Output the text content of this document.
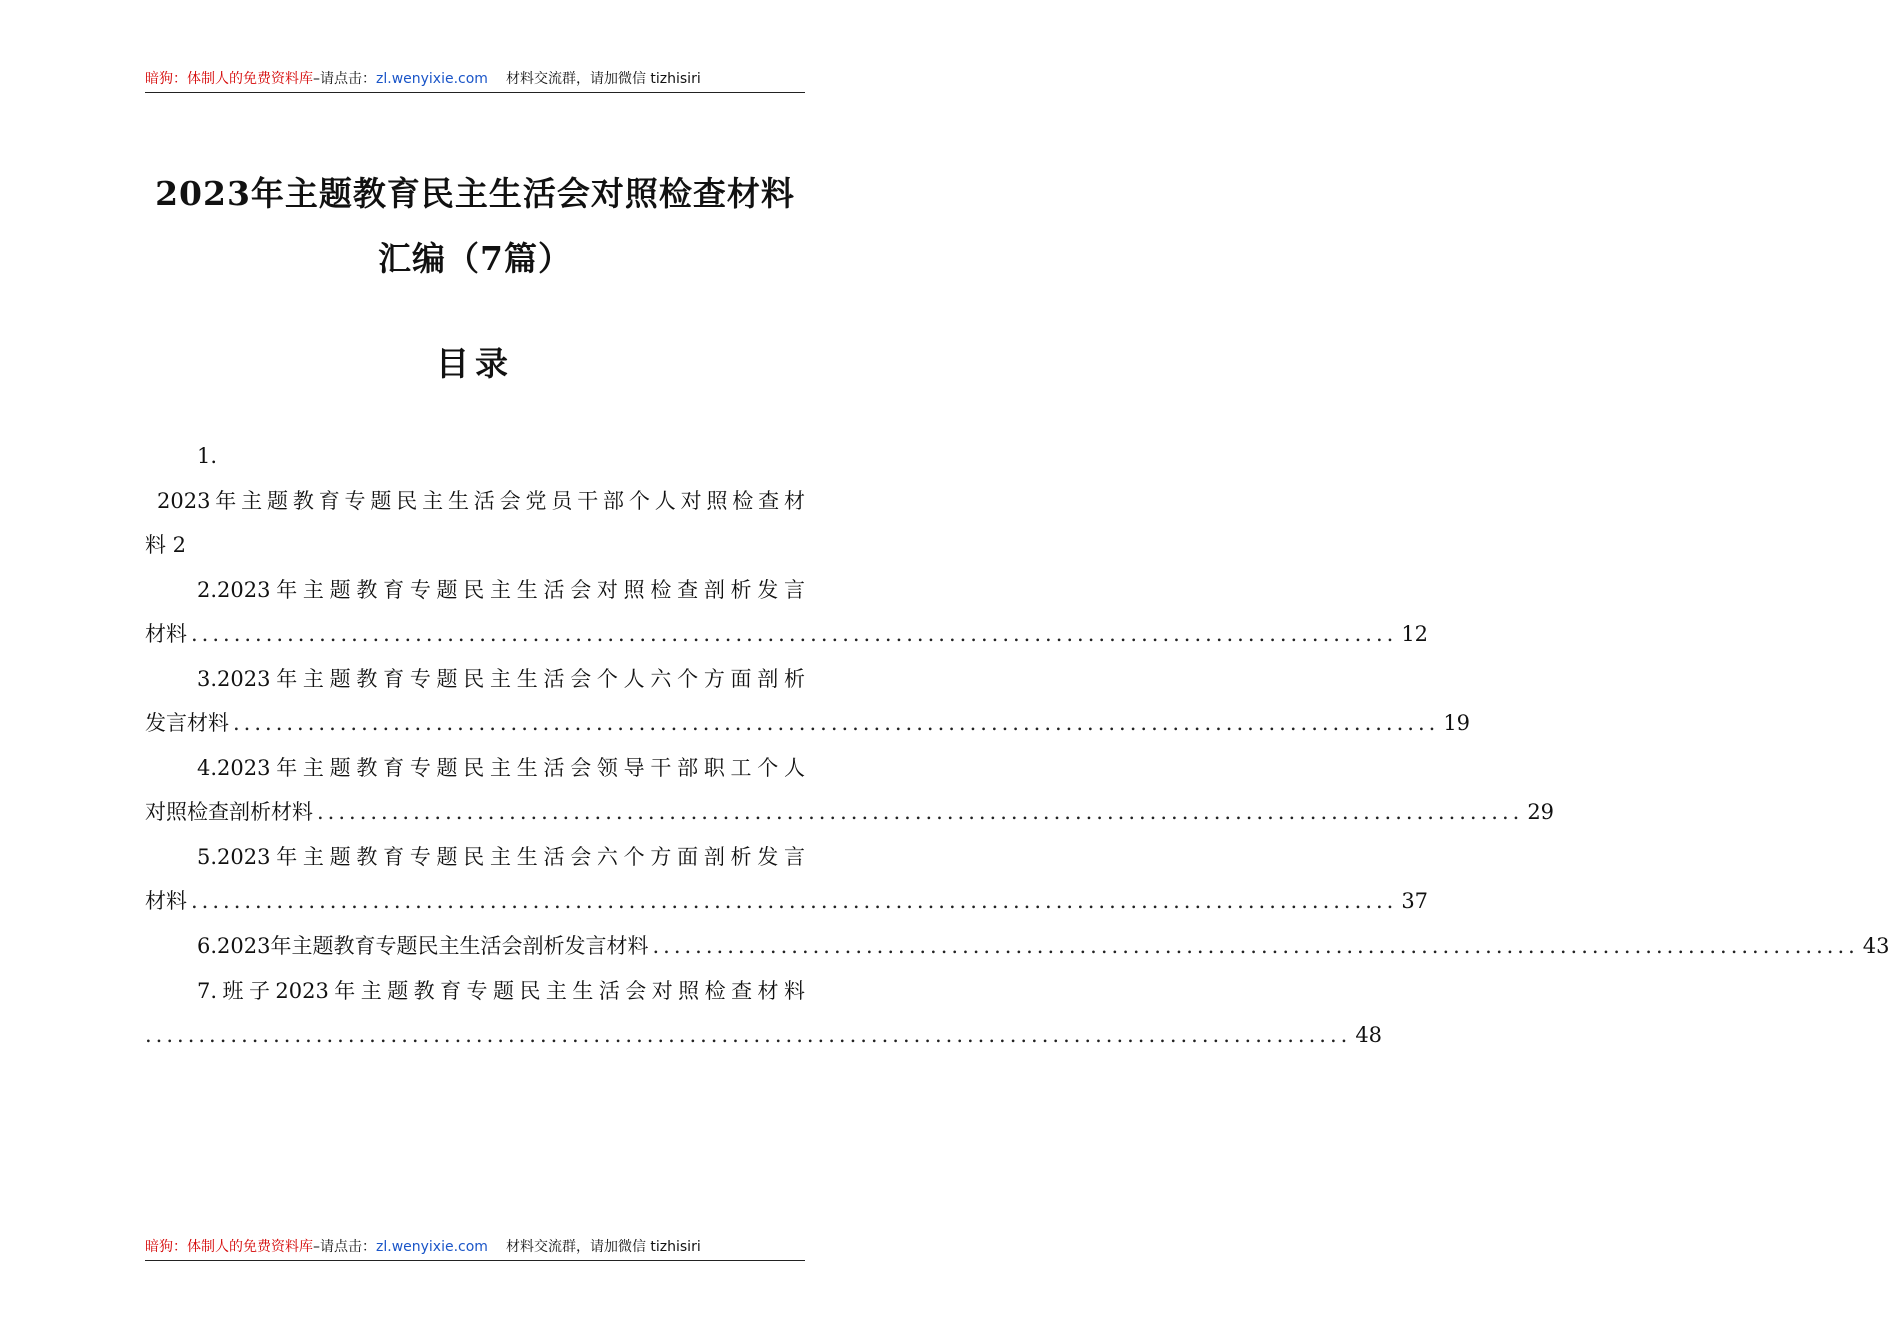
暗狗：体制人的免费资料库–请点击：zl.wenyixie.com 材料交流群，请加微信 tizhisiri
2023年主题教育民主生活会对照检查材料
汇编（7篇）
目录
1.
2023年主题教育专题民主生活会党员干部个人对照检查材
料 2
2.2023年主题教育专题民主生活会对照检查剖析发言
材料 ................................................................................................................. 12
3.2023年主题教育专题民主生活会个人六个方面剖析
发言材料 ................................................................................................................. 19
4.2023年主题教育专题民主生活会领导干部职工个人
对照检查剖析材料 ................................................................................................................. 29
5.2023年主题教育专题民主生活会六个方面剖析发言
材料 ................................................................................................................. 37
6.2023年主题教育专题民主生活会剖析发言材料 ................................................................................................................. 43
7.班子2023年主题教育专题民主生活会对照检查材料
................................................................................................................. 48
暗狗：体制人的免费资料库–请点击：zl.wenyixie.com 材料交流群，请加微信 tizhisiri
